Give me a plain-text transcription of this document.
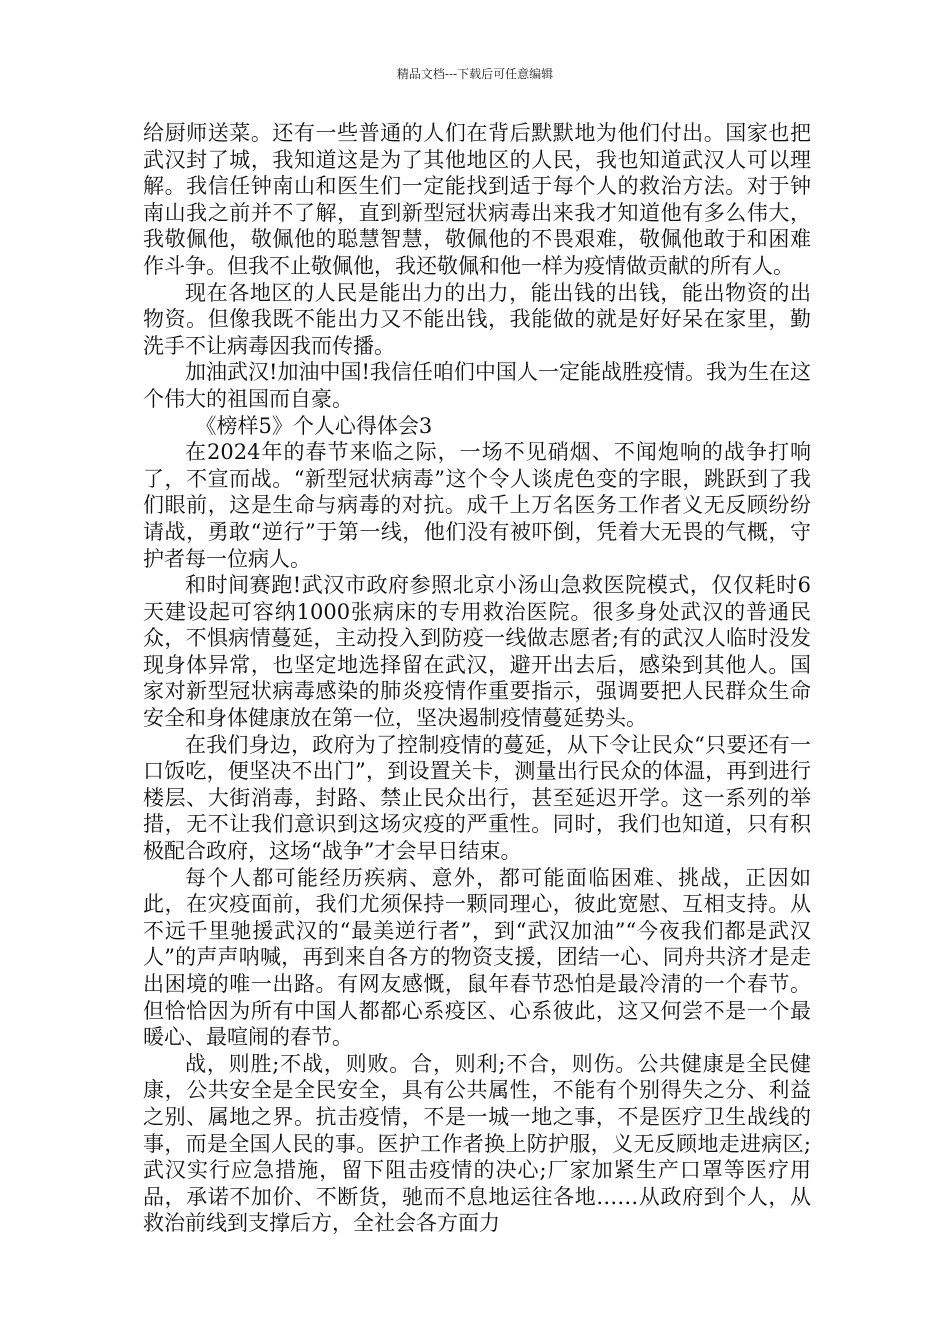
精品文档---下载后可任意编辑

给厨师送菜。还有一些普通的人们在背后默默地为他们付出。国家也把武汉封了城，我知道这是为了其他地区的人民，我也知道武汉人可以理解。我信任钟南山和医生们一定能找到适于每个人的救治方法。对于钟南山我之前并不了解，直到新型冠状病毒出来我才知道他有多么伟大，我敬佩他，敬佩他的聪慧智慧，敬佩他的不畏艰难，敬佩他敢于和困难作斗争。但我不止敬佩他，我还敬佩和他一样为疫情做贡献的所有人。

现在各地区的人民是能出力的出力，能出钱的出钱，能出物资的出物资。但像我既不能出力又不能出钱，我能做的就是好好呆在家里，勤洗手不让病毒因我而传播。

加油武汉!加油中国!我信任咱们中国人一定能战胜疫情。我为生在这个伟大的祖国而自豪。

《榜样5》个人心得体会3

在2024年的春节来临之际，一场不见硝烟、不闻炮响的战争打响了，不宣而战。“新型冠状病毒”这个令人谈虎色变的字眼，跳跃到了我们眼前，这是生命与病毒的对抗。成千上万名医务工作者义无反顾纷纷请战，勇敢“逆行”于第一线，他们没有被吓倒，凭着大无畏的气概，守护者每一位病人。

和时间赛跑!武汉市政府参照北京小汤山急救医院模式，仅仅耗时6天建设起可容纳1000张病床的专用救治医院。很多身处武汉的普通民众，不惧病情蔓延，主动投入到防疫一线做志愿者;有的武汉人临时没发现身体异常，也坚定地选择留在武汉，避开出去后，感染到其他人。国家对新型冠状病毒感染的肺炎疫情作重要指示，强调要把人民群众生命安全和身体健康放在第一位，坚决遏制疫情蔓延势头。

在我们身边，政府为了控制疫情的蔓延，从下令让民众“只要还有一口饭吃，便坚决不出门”，到设置关卡，测量出行民众的体温，再到进行楼层、大街消毒，封路、禁止民众出行，甚至延迟开学。这一系列的举措，无不让我们意识到这场灾疫的严重性。同时，我们也知道，只有积极配合政府，这场“战争”才会早日结束。

每个人都可能经历疾病、意外，都可能面临困难、挑战，正因如此，在灾疫面前，我们尤须保持一颗同理心，彼此宽慰、互相支持。从不远千里驰援武汉的“最美逆行者”，到“武汉加油”“今夜我们都是武汉人”的声声呐喊，再到来自各方的物资支援，团结一心、同舟共济才是走出困境的唯一出路。有网友感慨，鼠年春节恐怕是最冷清的一个春节。但恰恰因为所有中国人都都心系疫区、心系彼此，这又何尝不是一个最暖心、最喧闹的春节。

战，则胜;不战，则败。合，则利;不合，则伤。公共健康是全民健康，公共安全是全民安全，具有公共属性，不能有个别得失之分、利益之别、属地之界。抗击疫情，不是一城一地之事，不是医疗卫生战线的事，而是全国人民的事。医护工作者换上防护服，义无反顾地走进病区;武汉实行应急措施，留下阻击疫情的决心;厂家加紧生产口罩等医疗用品，承诺不加价、不断货，驰而不息地运往各地……从政府到个人，从救治前线到支撑后方，全社会各方面力
